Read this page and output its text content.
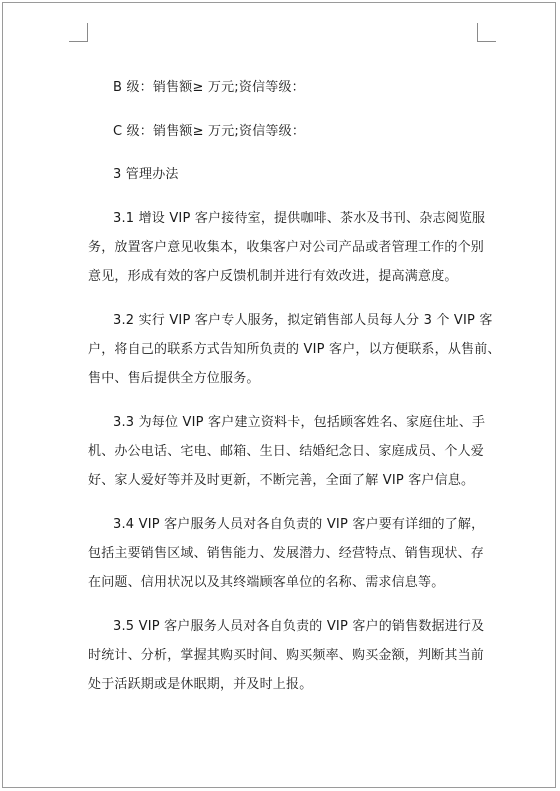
B 级：销售额≥ 万元;资信等级：

C 级：销售额≥ 万元;资信等级：

3 管理办法

3.1 增设 VIP 客户接待室，提供咖啡、茶水及书刊、杂志阅览服

务，放置客户意见收集本，收集客户对公司产品或者管理工作的个别

意见，形成有效的客户反馈机制并进行有效改进，提高满意度。

3.2 实行 VIP 客户专人服务，拟定销售部人员每人分 3 个 VIP 客

户，将自己的联系方式告知所负责的 VIP 客户，以方便联系，从售前、

售中、售后提供全方位服务。

3.3 为每位 VIP 客户建立资料卡，包括顾客姓名、家庭住址、手

机、办公电话、宅电、邮箱、生日、结婚纪念日、家庭成员、个人爱

好、家人爱好等并及时更新，不断完善，全面了解 VIP 客户信息。

3.4 VIP 客户服务人员对各自负责的 VIP 客户要有详细的了解，

包括主要销售区域、销售能力、发展潜力、经营特点、销售现状、存

在问题、信用状况以及其终端顾客单位的名称、需求信息等。

3.5 VIP 客户服务人员对各自负责的 VIP 客户的销售数据进行及

时统计、分析，掌握其购买时间、购买频率、购买金额，判断其当前

处于活跃期或是休眠期，并及时上报。
